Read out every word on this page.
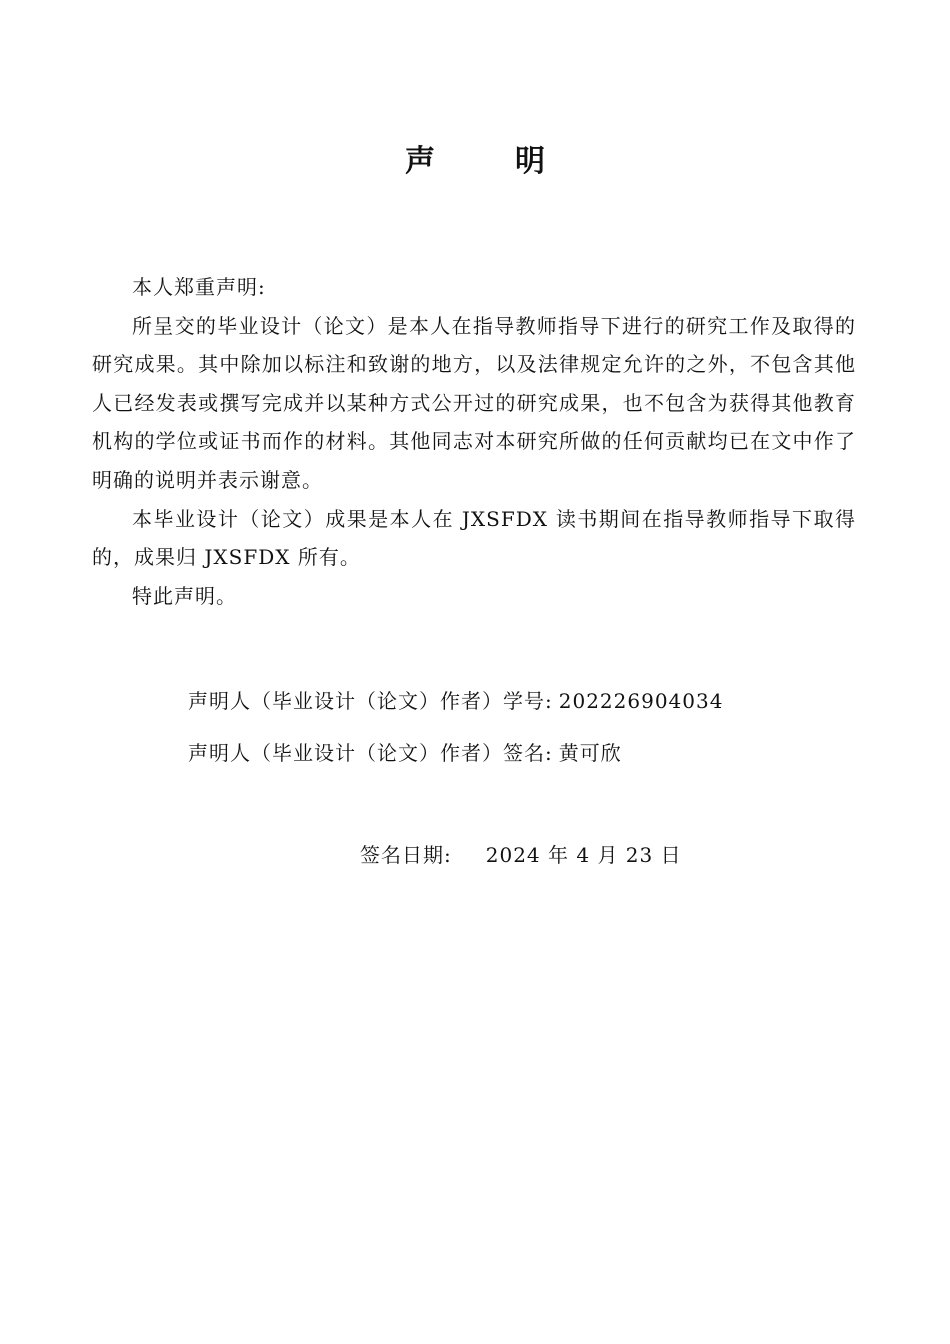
声明

本人郑重声明:

所呈交的毕业设计（论文）是本人在指导教师指导下进行的研究工作及取得的研究成果。其中除加以标注和致谢的地方，以及法律规定允许的之外，不包含其他人已经发表或撰写完成并以某种方式公开过的研究成果，也不包含为获得其他教育机构的学位或证书而作的材料。其他同志对本研究所做的任何贡献均已在文中作了明确的说明并表示谢意。

本毕业设计（论文）成果是本人在 JXSFDX 读书期间在指导教师指导下取得的，成果归 JXSFDX 所有。

特此声明。

声明人（毕业设计（论文）作者）学号: 202226904034
声明人（毕业设计（论文）作者）签名: 黄可欣
签名日期: 2024 年 4 月 23 日
